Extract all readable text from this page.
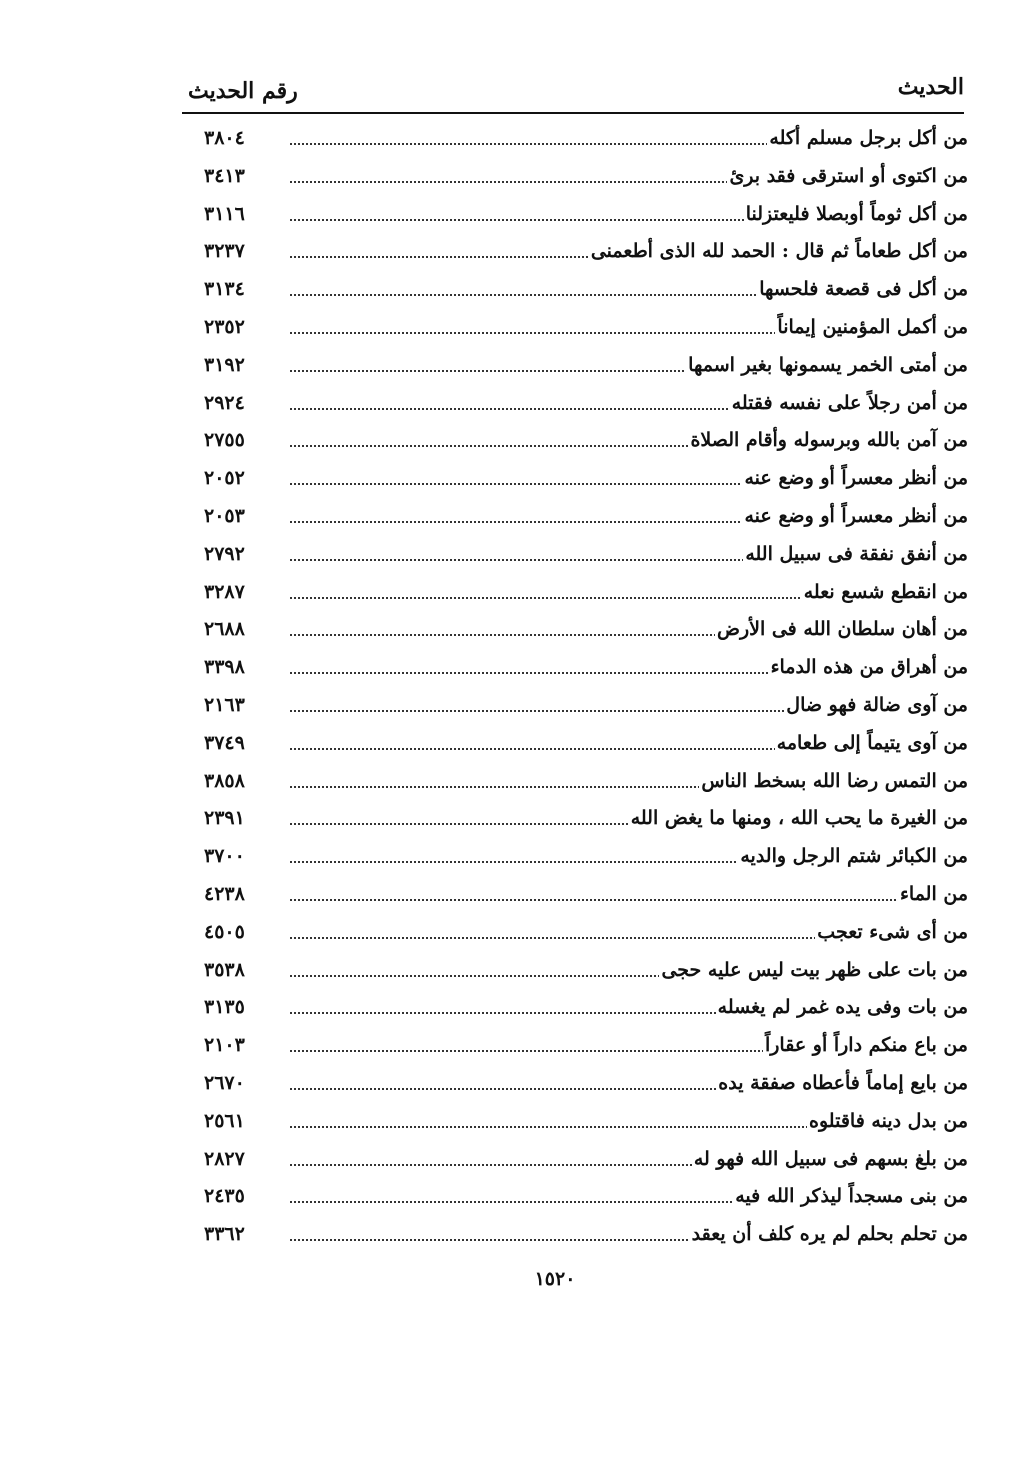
الحديث
رقم الحديث
من أكل برجل مسلم أكله
٣٨٠٤
من اكتوى أو استرقى فقد برئ
٣٤١٣
من أكل ثوماً أوبصلا فليعتزلنا
٣١١٦
من أكل طعاماً ثم قال : الحمد لله الذى أطعمنى
٣٢٣٧
من أكل فى قصعة فلحسها
٣١٣٤
من أكمل المؤمنين إيماناً
٢٣٥٢
من أمتى الخمر يسمونها بغير اسمها
٣١٩٢
من أمن رجلاً على نفسه فقتله
٢٩٢٤
من آمن بالله وبرسوله وأقام الصلاة
٢٧٥٥
من أنظر معسراً أو وضع عنه
٢٠٥٢
من أنظر معسراً أو وضع عنه
٢٠٥٣
من أنفق نفقة فى سبيل الله
٢٧٩٢
من انقطع شسع نعله
٣٢٨٧
من أهان سلطان الله فى الأرض
٢٦٨٨
من أهراق من هذه الدماء
٣٣٩٨
من آوى ضالة فهو ضال
٢١٦٣
من آوى يتيماً إلى طعامه
٣٧٤٩
من التمس رضا الله بسخط الناس
٣٨٥٨
من الغيرة ما يحب الله ، ومنها ما يغض الله
٢٣٩١
من الكبائر شتم الرجل والديه
٣٧٠٠
من الماء
٤٢٣٨
من أى شىء تعجب
٤٥٠٥
من بات على ظهر بيت ليس عليه حجى
٣٥٣٨
من بات وفى يده غمر لم يغسله
٣١٣٥
من باع منكم داراً أو عقاراً
٢١٠٣
من بايع إماماً فأعطاه صفقة يده
٢٦٧٠
من بدل دينه فاقتلوه
٢٥٦١
من بلغ بسهم فى سبيل الله فهو له
٢٨٢٧
من بنى مسجداً ليذكر الله فيه
٢٤٣٥
من تحلم بحلم لم يره كلف أن يعقد
٣٣٦٢
١٥٢٠
